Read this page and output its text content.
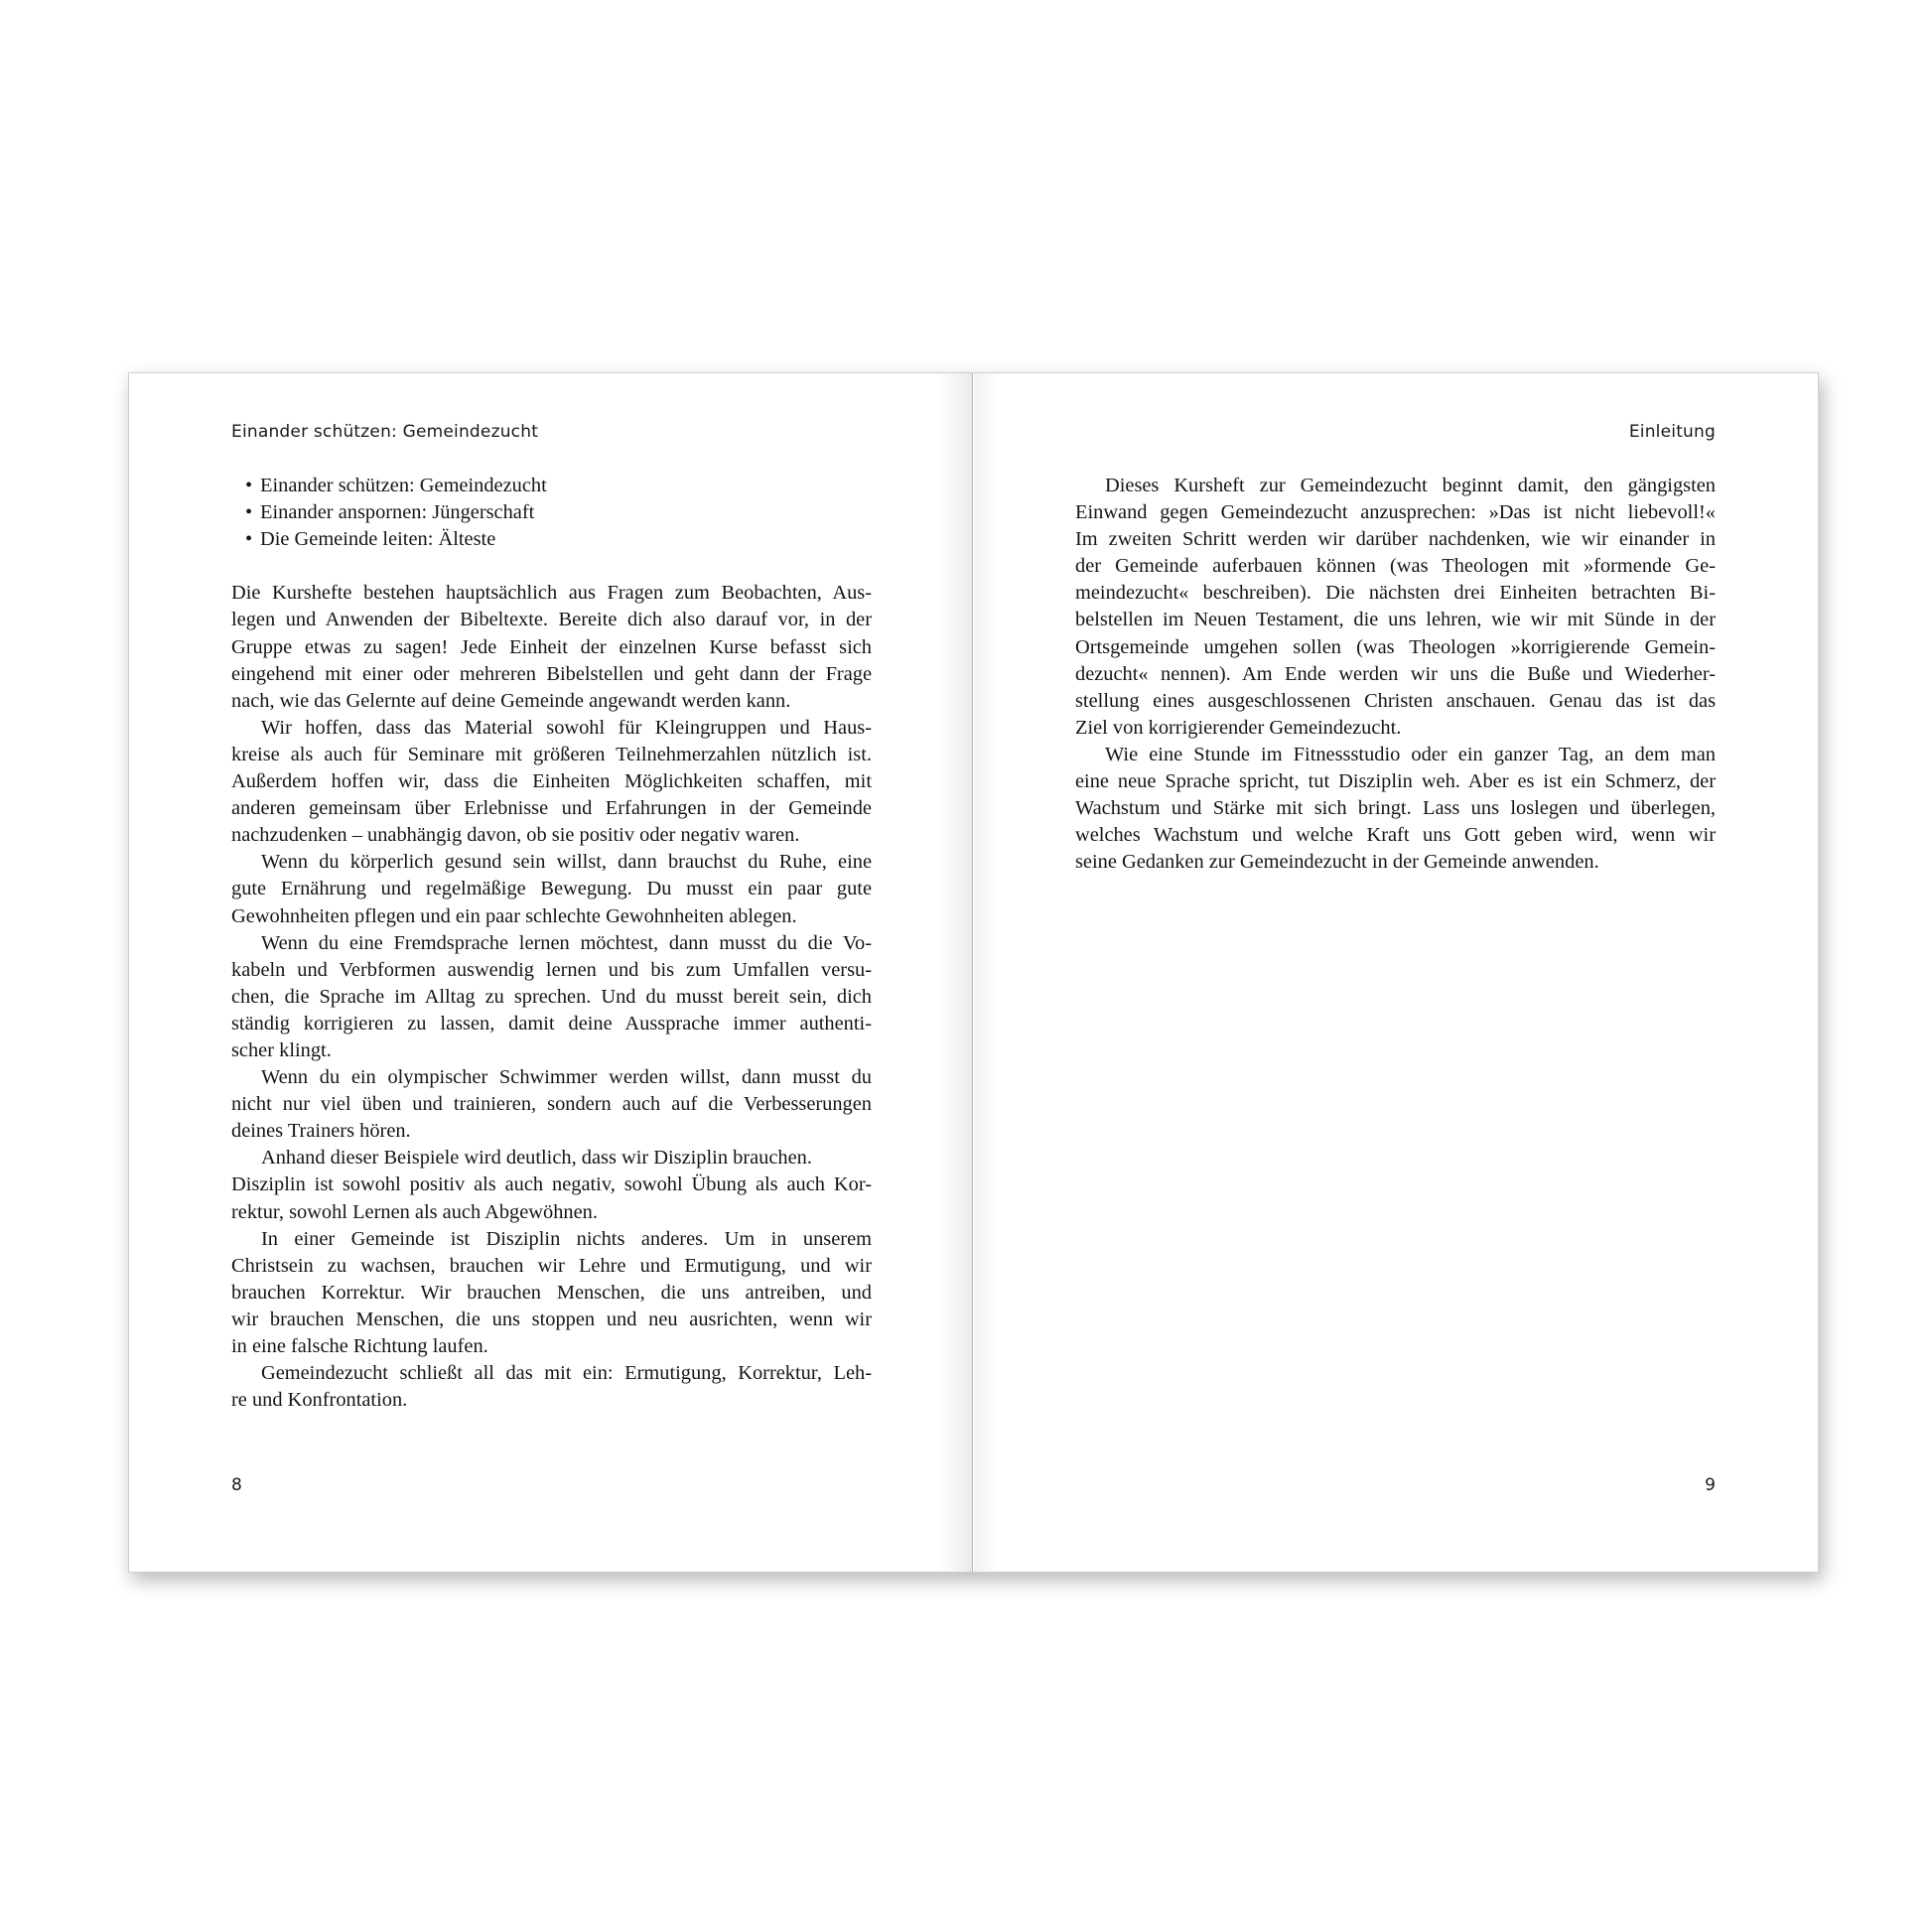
Einander schützen: Gemeindezucht
• Einander schützen: Gemeindezucht
• Einander anspornen: Jüngerschaft
• Die Gemeinde leiten: Älteste
Die Kurshefte bestehen hauptsächlich aus Fragen zum Beobachten, Aus-
legen und Anwenden der Bibeltexte. Bereite dich also darauf vor, in der
Gruppe etwas zu sagen! Jede Einheit der einzelnen Kurse befasst sich
eingehend mit einer oder mehreren Bibelstellen und geht dann der Frage
nach, wie das Gelernte auf deine Gemeinde angewandt werden kann.
Wir hoffen, dass das Material sowohl für Kleingruppen und Haus-
kreise als auch für Seminare mit größeren Teilnehmerzahlen nützlich ist.
Außerdem hoffen wir, dass die Einheiten Möglichkeiten schaffen, mit
anderen gemeinsam über Erlebnisse und Erfahrungen in der Gemeinde
nachzudenken – unabhängig davon, ob sie positiv oder negativ waren.
Wenn du körperlich gesund sein willst, dann brauchst du Ruhe, eine
gute Ernährung und regelmäßige Bewegung. Du musst ein paar gute
Gewohnheiten pflegen und ein paar schlechte Gewohnheiten ablegen.
Wenn du eine Fremdsprache lernen möchtest, dann musst du die Vo-
kabeln und Verbformen auswendig lernen und bis zum Umfallen versu-
chen, die Sprache im Alltag zu sprechen. Und du musst bereit sein, dich
ständig korrigieren zu lassen, damit deine Aussprache immer authenti-
scher klingt.
Wenn du ein olympischer Schwimmer werden willst, dann musst du
nicht nur viel üben und trainieren, sondern auch auf die Verbesserungen
deines Trainers hören.
Anhand dieser Beispiele wird deutlich, dass wir Disziplin brauchen.
Disziplin ist sowohl positiv als auch negativ, sowohl Übung als auch Kor-
rektur, sowohl Lernen als auch Abgewöhnen.
In einer Gemeinde ist Disziplin nichts anderes. Um in unserem
Christsein zu wachsen, brauchen wir Lehre und Ermutigung, und wir
brauchen Korrektur. Wir brauchen Menschen, die uns antreiben, und
wir brauchen Menschen, die uns stoppen und neu ausrichten, wenn wir
in eine falsche Richtung laufen.
Gemeindezucht schließt all das mit ein: Ermutigung, Korrektur, Leh-
re und Konfrontation.
8
Einleitung
Dieses Kursheft zur Gemeindezucht beginnt damit, den gängigsten
Einwand gegen Gemeindezucht anzusprechen: »Das ist nicht liebevoll!«
Im zweiten Schritt werden wir darüber nachdenken, wie wir einander in
der Gemeinde auferbauen können (was Theologen mit »formende Ge-
meindezucht« beschreiben). Die nächsten drei Einheiten betrachten Bi-
belstellen im Neuen Testament, die uns lehren, wie wir mit Sünde in der
Ortsgemeinde umgehen sollen (was Theologen »korrigierende Gemein-
dezucht« nennen). Am Ende werden wir uns die Buße und Wiederher-
stellung eines ausgeschlossenen Christen anschauen. Genau das ist das
Ziel von korrigierender Gemeindezucht.
Wie eine Stunde im Fitnessstudio oder ein ganzer Tag, an dem man
eine neue Sprache spricht, tut Disziplin weh. Aber es ist ein Schmerz, der
Wachstum und Stärke mit sich bringt. Lass uns loslegen und überlegen,
welches Wachstum und welche Kraft uns Gott geben wird, wenn wir
seine Gedanken zur Gemeindezucht in der Gemeinde anwenden.
9
